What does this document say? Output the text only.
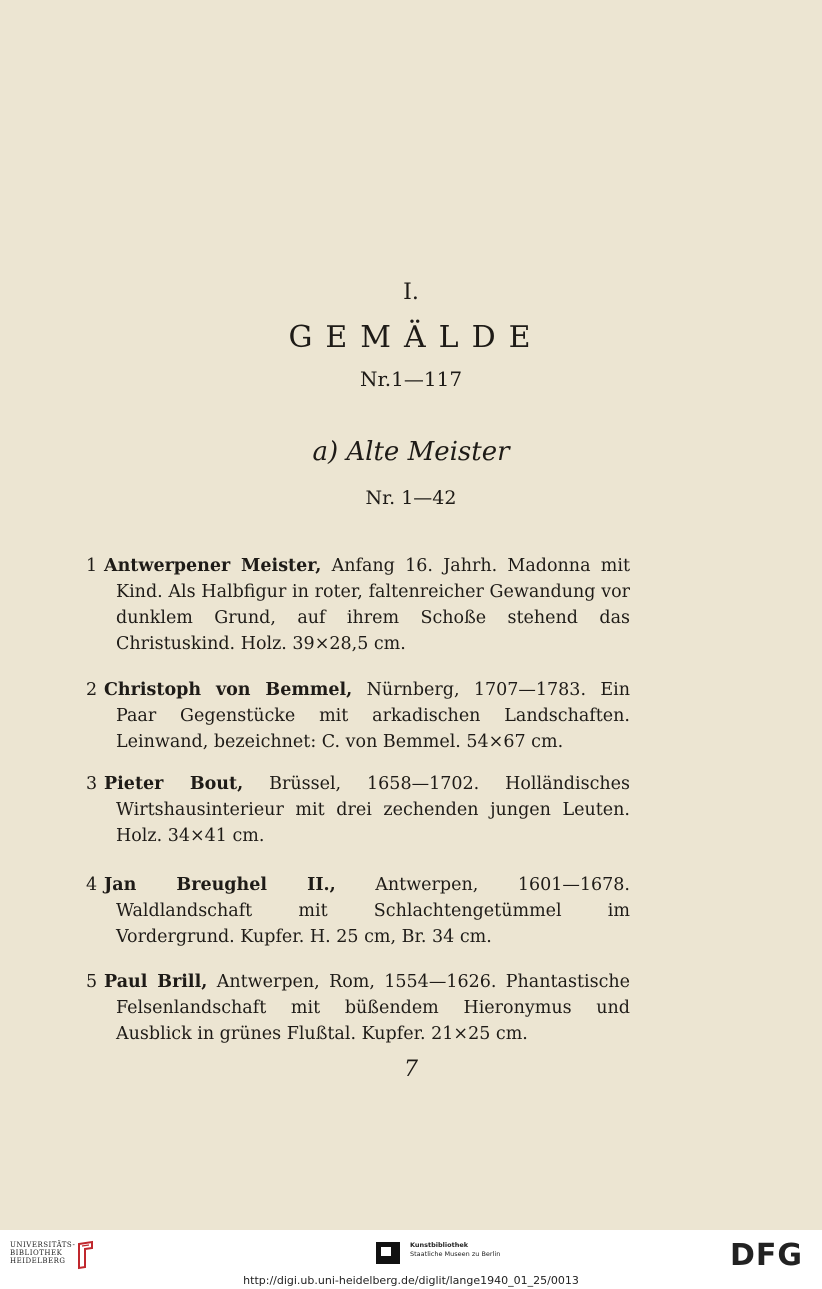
I.
GEMÄLDE
Nr.1—117
a) Alte Meister
Nr. 1—42
1 Antwerpener Meister, Anfang 16. Jahrh. Madonna mit Kind. Als Halbfigur in roter, faltenreicher Gewandung vor dunklem Grund, auf ihrem Schoße stehend das Christuskind. Holz. 39×28,5 cm.
2 Christoph von Bemmel, Nürnberg, 1707—1783. Ein Paar Gegenstücke mit arkadischen Landschaften. Leinwand, bezeichnet: C. von Bemmel. 54×67 cm.
3 Pieter Bout, Brüssel, 1658—1702. Holländisches Wirtshausinterieur mit drei zechenden jungen Leuten. Holz. 34×41 cm.
4 Jan Breughel II., Antwerpen, 1601—1678. Waldlandschaft mit Schlachtengetümmel im Vordergrund. Kupfer. H. 25 cm, Br. 34 cm.
5 Paul Brill, Antwerpen, Rom, 1554—1626. Phantastische Felsenlandschaft mit büßendem Hieronymus und Ausblick in grünes Flußtal. Kupfer. 21×25 cm.
7
UNIVERSITÄTS-
BIBLIOTHEK
HEIDELBERG
Kunstbibliothek
Staatliche Museen zu Berlin	DFG
http://digi.ub.uni-heidelberg.de/diglit/lange1940_01_25/0013
